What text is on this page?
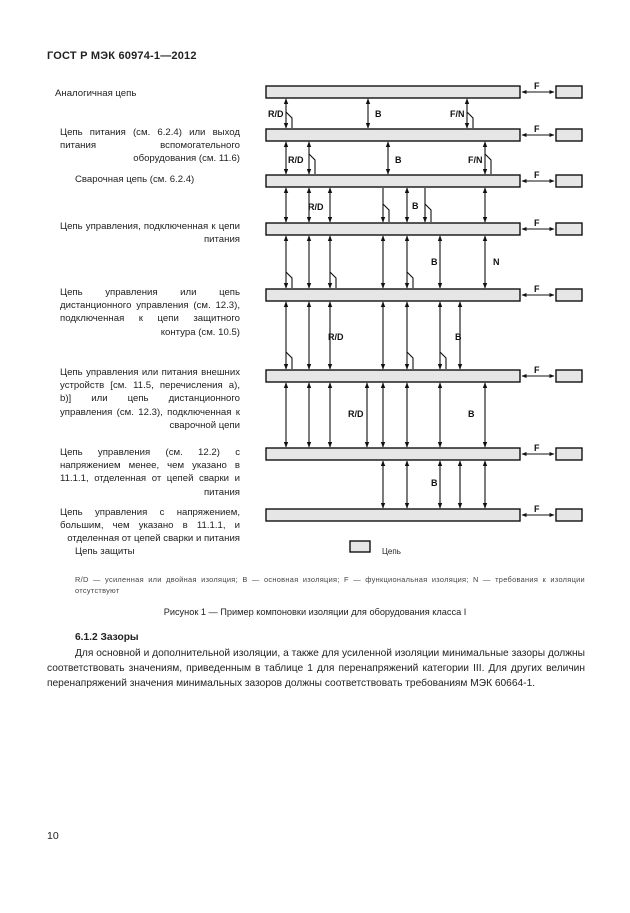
ГОСТ Р МЭК 60974-1—2012
Аналогичная цепь
Цепь питания (см. 6.2.4) или выход питания вспомогательного оборудования (см. 11.6)
Сварочная цепь (см. 6.2.4)
Цепь управления, подключенная к цепи питания
Цепь управления или цепь дистанционного управления (см. 12.3), подключенная к цепи защитного контура (см. 10.5)
Цепь управления или питания внешних устройств [см. 11.5, перечисления а), b)] или цепь дистанционного управления (см. 12.3), подключенная к сварочной цепи
Цепь управления (см. 12.2) с напряжением менее, чем указано в 11.1.1, отделенная от цепей сварки и питания
Цепь управления с напряжением, большим, чем указано в 11.1.1, и отделенная от цепей сварки и питания
Цепь защиты
F
F
F
F
F
F
F
F
R/D	B	F/N
R/D	B	F/N
R/D	B
B	N
R/D	B
R/D	B
B
Цепь
R/D — усиленная или двойная изоляция; B — основная изоляция; F — функциональная изоляция; N — требования к изоляции отсутствуют
Рисунок 1 — Пример компоновки изоляции для оборудования класса I
6.1.2 Зазоры
Для основной и дополнительной изоляции, а также для усиленной изоляции минимальные зазоры должны соответствовать значениям, приведенным в таблице 1 для перенапряжений категории III. Для других величин перенапряжений значения минимальных зазоров должны соответствовать требованиям МЭК 60664-1.
10
